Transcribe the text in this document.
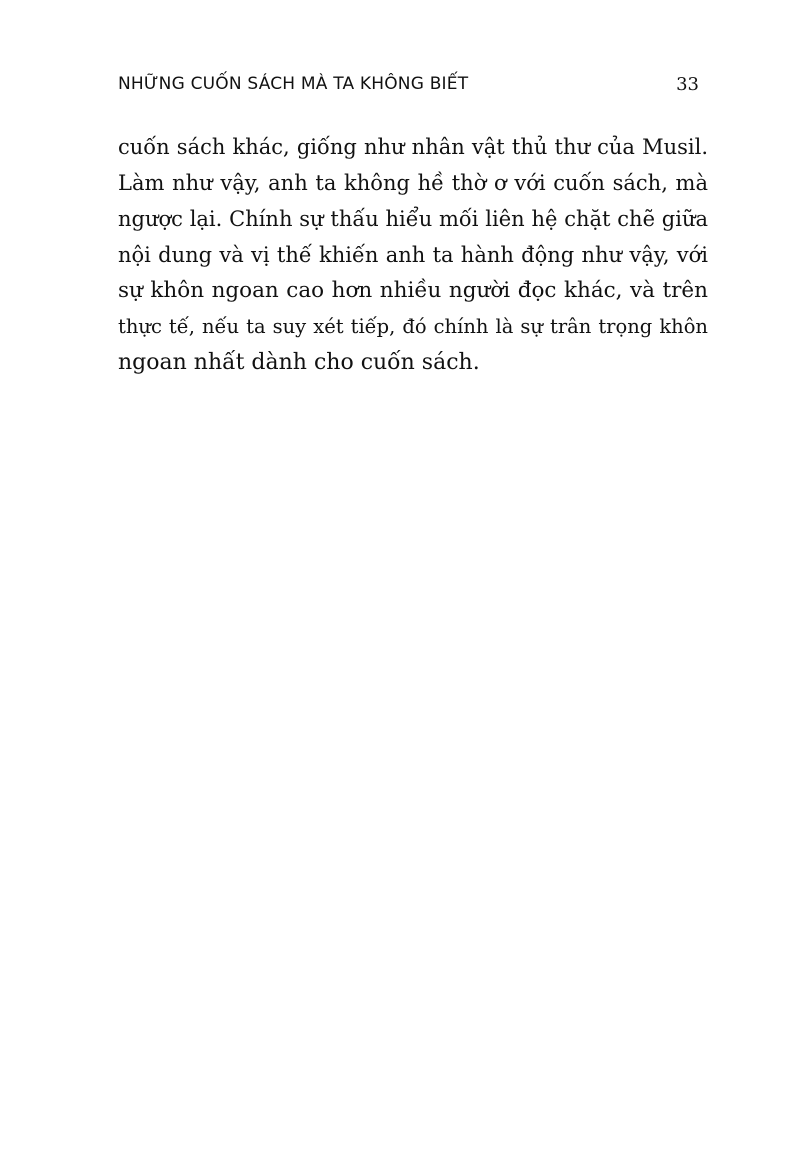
NHỮNG CUỐN SÁCH MÀ TA KHÔNG BIẾT	33
cuốn sách khác, giống như nhân vật thủ thư của Musil.
Làm như vậy, anh ta không hề thờ ơ với cuốn sách, mà
ngược lại. Chính sự thấu hiểu mối liên hệ chặt chẽ giữa
nội dung và vị thế khiến anh ta hành động như vậy, với
sự khôn ngoan cao hơn nhiều người đọc khác, và trên
thực tế, nếu ta suy xét tiếp, đó chính là sự trân trọng khôn
ngoan nhất dành cho cuốn sách.
